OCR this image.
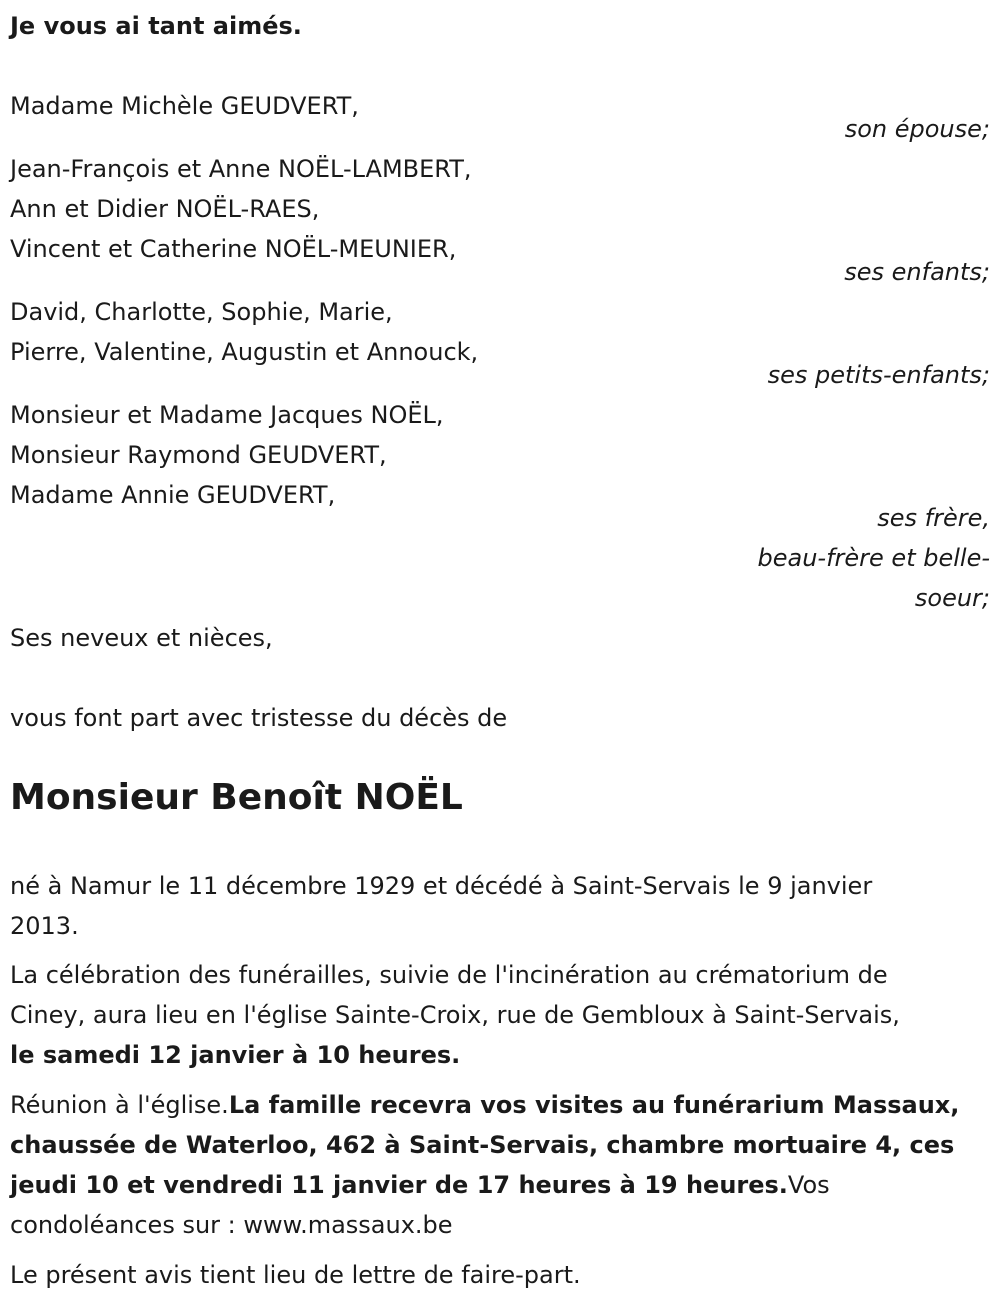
Je vous ai tant aimés.
Madame Michèle GEUDVERT,
son épouse;
Jean-François et Anne NOËL-LAMBERT,
Ann et Didier NOËL-RAES,
Vincent et Catherine NOËL-MEUNIER,
ses enfants;
David, Charlotte, Sophie, Marie,
Pierre, Valentine, Augustin et Annouck,
ses petits-enfants;
Monsieur et Madame Jacques NOËL,
Monsieur Raymond GEUDVERT,
Madame Annie GEUDVERT,
ses frère,
beau-frère et belle-
soeur;
Ses neveux et nièces,
vous font part avec tristesse du décès de
Monsieur Benoît NOËL
né à Namur le 11 décembre 1929 et décédé à Saint-Servais le 9 janvier
2013.
La célébration des funérailles, suivie de l'incinération au crématorium de
Ciney, aura lieu en l'église Sainte-Croix, rue de Gembloux à Saint-Servais,
le samedi 12 janvier à 10 heures.
Réunion à l'église.La famille recevra vos visites au funérarium Massaux,
chaussée de Waterloo, 462 à Saint-Servais, chambre mortuaire 4, ces
jeudi 10 et vendredi 11 janvier de 17 heures à 19 heures.Vos
condoléances sur : www.massaux.be
Le présent avis tient lieu de lettre de faire-part.
